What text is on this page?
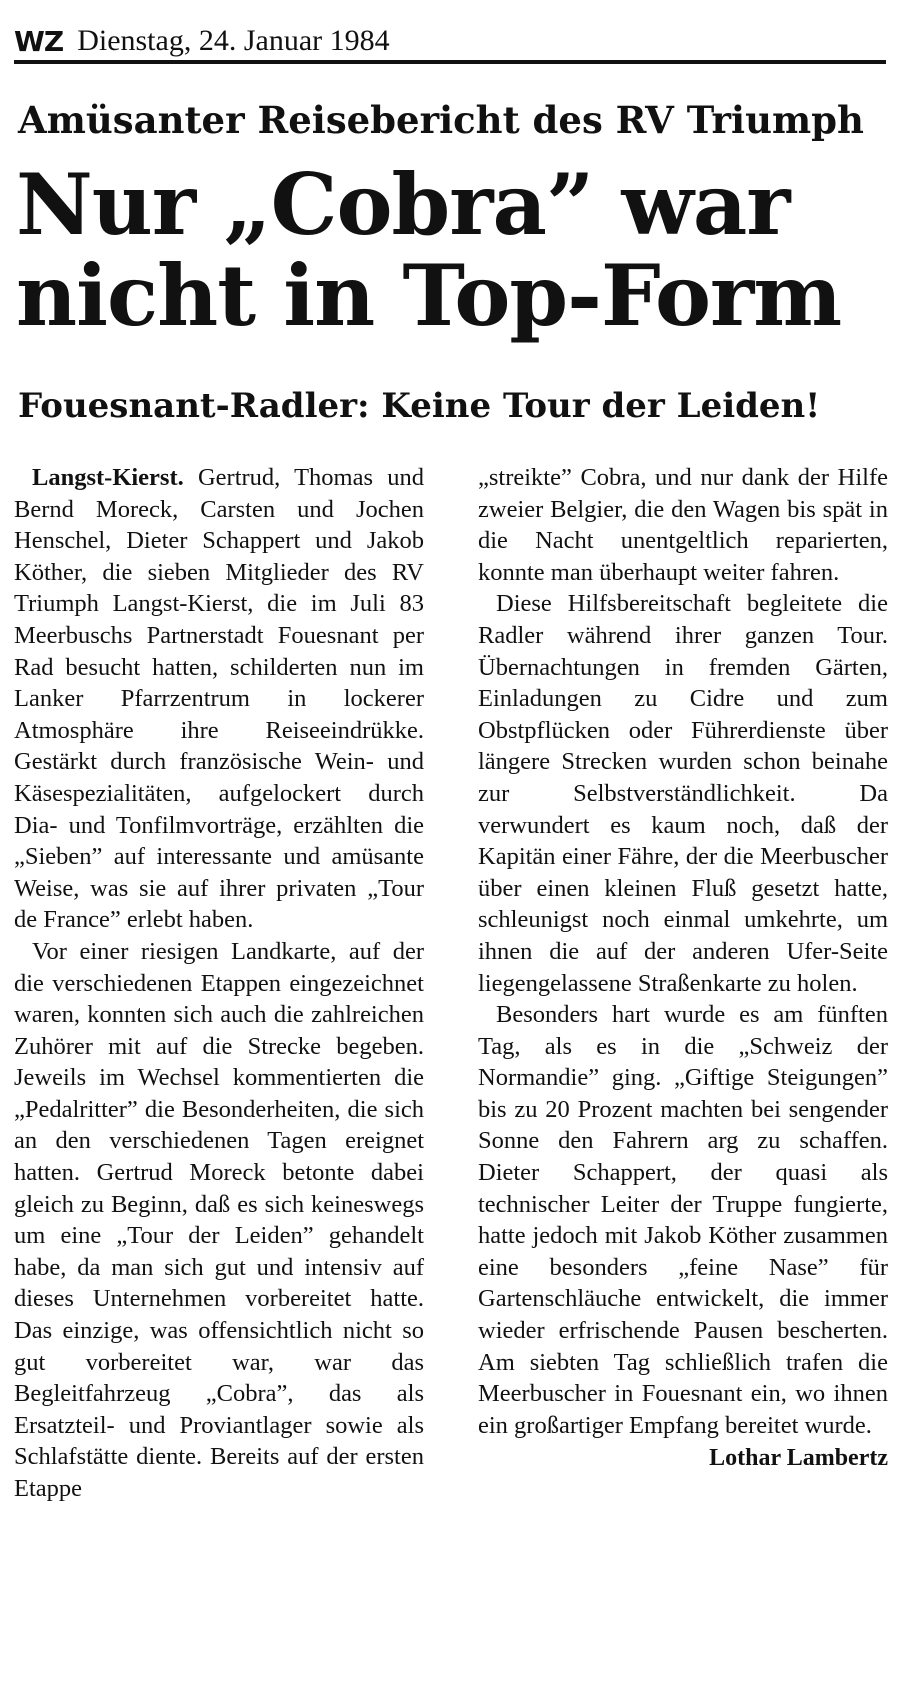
WZ Dienstag, 24. Januar 1984
Amüsanter Reisebericht des RV Triumph
Nur „Cobra” war
nicht in Top-Form
Fouesnant-Radler: Keine Tour der Leiden!

Langst-Kierst. Gertrud, Thomas und Bernd Moreck, Carsten und Jochen Henschel, Dieter Schappert und Jakob Köther, die sieben Mitglieder des RV Triumph Langst-Kierst, die im Juli 83 Meerbuschs Partnerstadt Fouesnant per Rad besucht hatten, schilderten nun im Lanker Pfarrzentrum in lockerer Atmosphäre ihre Reiseeindrükke. Gestärkt durch französische Wein- und Käsespezialitäten, aufgelockert durch Dia- und Tonfilmvorträge, erzählten die „Sieben” auf interessante und amüsante Weise, was sie auf ihrer privaten „Tour de France” erlebt haben.

Vor einer riesigen Landkarte, auf der die verschiedenen Etappen eingezeichnet waren, konnten sich auch die zahlreichen Zuhörer mit auf die Strecke begeben. Jeweils im Wechsel kommentierten die „Pedalritter” die Besonderheiten, die sich an den verschiedenen Tagen ereignet hatten. Gertrud Moreck betonte dabei gleich zu Beginn, daß es sich keineswegs um eine „Tour der Leiden” gehandelt habe, da man sich gut und intensiv auf dieses Unternehmen vorbereitet hatte. Das einzige, was offensichtlich nicht so gut vorbereitet war, war das Begleitfahrzeug „Cobra”, das als Ersatzteil- und Proviantlager sowie als Schlafstätte diente. Bereits auf der ersten Etappe

„streikte” Cobra, und nur dank der Hilfe zweier Belgier, die den Wagen bis spät in die Nacht unentgeltlich reparierten, konnte man überhaupt weiter fahren.

Diese Hilfsbereitschaft begleitete die Radler während ihrer ganzen Tour. Übernachtungen in fremden Gärten, Einladungen zu Cidre und zum Obstpflücken oder Führerdienste über längere Strecken wurden schon beinahe zur Selbstverständlichkeit. Da verwundert es kaum noch, daß der Kapitän einer Fähre, der die Meerbuscher über einen kleinen Fluß gesetzt hatte, schleunigst noch einmal umkehrte, um ihnen die auf der anderen Ufer-Seite liegengelassene Straßenkarte zu holen.

Besonders hart wurde es am fünften Tag, als es in die „Schweiz der Normandie” ging. „Giftige Steigungen” bis zu 20 Prozent machten bei sengender Sonne den Fahrern arg zu schaffen. Dieter Schappert, der quasi als technischer Leiter der Truppe fungierte, hatte jedoch mit Jakob Köther zusammen eine besonders „feine Nase” für Gartenschläuche entwickelt, die immer wieder erfrischende Pausen bescherten. Am siebten Tag schließlich trafen die Meerbuscher in Fouesnant ein, wo ihnen ein großartiger Empfang bereitet wurde.

Lothar Lambertz
